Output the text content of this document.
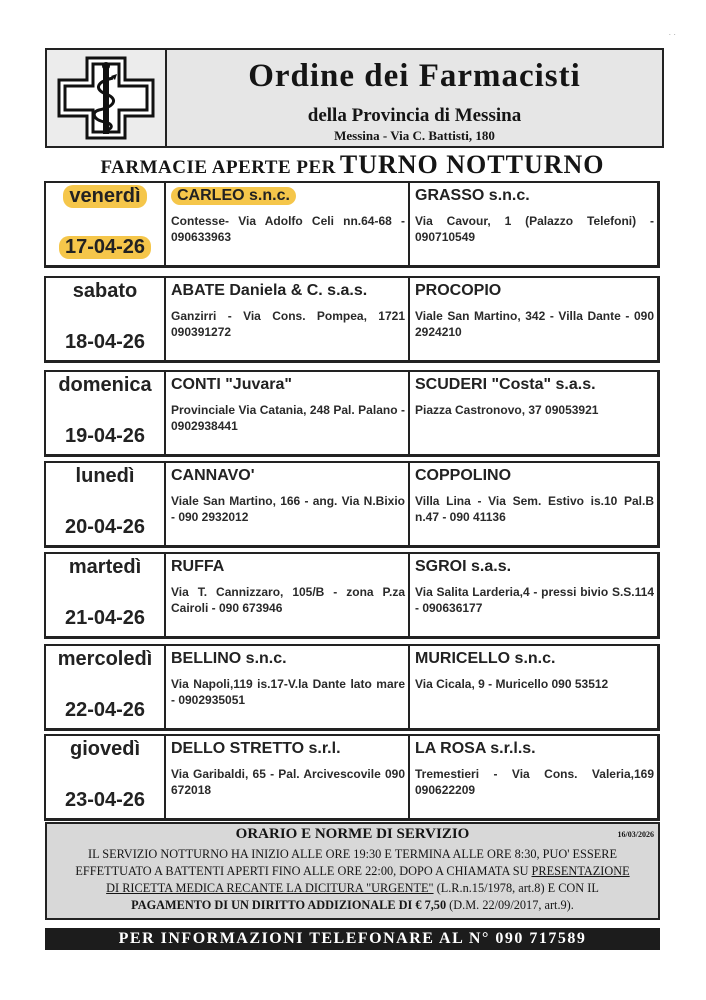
· ·
Ordine dei Farmacisti
della Provincia di Messina
Messina - Via C. Battisti, 180
FARMACIE APERTE PER TURNO NOTTURNO
venerdì
17-04-26
CARLEO s.n.c.
Contesse- Via Adolfo Celi nn.64-68 - 090633963
GRASSO s.n.c.
Via Cavour, 1 (Palazzo Telefoni) - 090710549
sabato
18-04-26
ABATE Daniela & C. s.a.s.
Ganzirri - Via Cons. Pompea, 1721 090391272
PROCOPIO
Viale San Martino, 342 - Villa Dante - 090 2924210
domenica
19-04-26
CONTI "Juvara"
Provinciale Via Catania, 248 Pal. Palano - 0902938441
SCUDERI "Costa" s.a.s.
Piazza Castronovo, 37 09053921
lunedì
20-04-26
CANNAVO'
Viale San Martino, 166 - ang. Via N.Bixio - 090 2932012
COPPOLINO
Villa Lina - Via Sem. Estivo is.10 Pal.B n.47 - 090 41136
martedì
21-04-26
RUFFA
Via T. Cannizzaro, 105/B - zona P.za Cairoli - 090 673946
SGROI s.a.s.
Via Salita Larderia,4 - pressi bivio S.S.114 - 090636177
mercoledì
22-04-26
BELLINO s.n.c.
Via Napoli,119 is.17-V.la Dante lato mare - 0902935051
MURICELLO s.n.c.
Via Cicala, 9 - Muricello 090 53512
giovedì
23-04-26
DELLO STRETTO s.r.l.
Via Garibaldi, 65 - Pal. Arcivescovile 090 672018
LA ROSA s.r.l.s.
Tremestieri - Via Cons. Valeria,169 090622209
ORARIO E NORME DI SERVIZIO	16/03/2026
IL SERVIZIO NOTTURNO HA INIZIO ALLE ORE 19:30 E TERMINA ALLE ORE 8:30, PUO' ESSERE
EFFETTUATO A BATTENTI APERTI FINO ALLE ORE 22:00, DOPO A CHIAMATA SU PRESENTAZIONE
DI RICETTA MEDICA RECANTE LA DICITURA "URGENTE" (L.R.n.15/1978, art.8) E CON IL
PAGAMENTO DI UN DIRITTO ADDIZIONALE DI € 7,50 (D.M. 22/09/2017, art.9).
PER INFORMAZIONI TELEFONARE AL N° 090 717589
